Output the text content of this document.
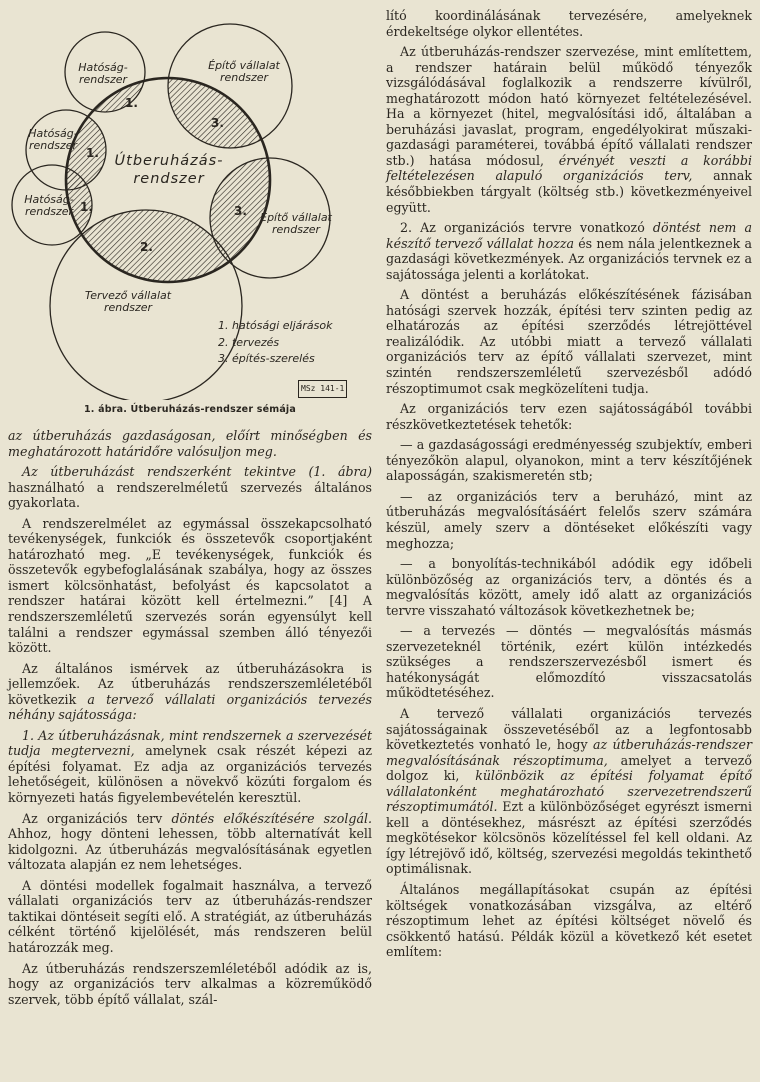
Hatóság-
rendszer
Hatóság-
rendszer
Hatóság-
rendszer
Építő vállalat
rendszer
Építő vállalat
rendszer
Tervező vállalat
rendszer
Útberuházás-
rendszer
1.
1.
1.
3.
3.
2.
1. hatósági eljárások
2. tervezés
3. építés-szerelés
MSz 141-1
1. ábra. Útberuházás-rendszer sémája

az útberuházás gazdaságosan, előírt minőségben és meghatározott határidőre valósuljon meg.

Az útberuházást rendszerként tekintve (1. ábra) használható a rendszerelméletű szervezés általános gyakorlata.

A rendszerelmélet az egymással összekapcsolható tevékenységek, funkciók és összetevők csoportjaként határozható meg. „E tevékenységek, funkciók és összetevők egybefoglalásának szabálya, hogy az összes ismert kölcsönhatást, befolyást és kapcsolatot a rendszer határai között kell értelmezni.” [4] A rendszerszemléletű szervezés során egyensúlyt kell találni a rendszer egymással szemben álló tényezői között.

Az általános ismérvek az útberuházásokra is jellemzőek. Az útberuházás rendszerszemléletéből következik a tervező vállalati organizációs tervezés néhány sajátossága:

1. Az útberuházásnak, mint rendszernek a szervezését tudja megtervezni, amelynek csak részét képezi az építési folyamat. Ez adja az organizációs tervezés lehetőségeit, különösen a növekvő közúti forgalom és környezeti hatás figyelembevételén keresztül.

Az organizációs terv döntés előkészítésére szolgál. Ahhoz, hogy dönteni lehessen, több alternatívát kell kidolgozni. Az útberuházás megvalósításának egyetlen változata alapján ez nem lehetséges.

A döntési modellek fogalmait használva, a tervező vállalati organizációs terv az útberuházás-rendszer taktikai döntéseit segíti elő. A stratégiát, az útberuházás célként történő kijelölését, más rendszeren belül határozzák meg.

Az útberuházás rendszerszemléletéből adódik az is, hogy az organizációs terv alkalmas a közreműködő szervek, több építő vállalat, szál-

lító koordinálásának tervezésére, amelyeknek érdekeltsége olykor ellentétes.

Az útberuházás-rendszer szervezése, mint említettem, a rendszer határain belül működő tényezők vizsgálódásával foglalkozik a rendszerre kívülről, meghatározott módon ható környezet feltételezésével. Ha a környezet (hitel, megvalósítási idő, általában a beruházási javaslat, program, engedélyokirat műszaki-gazdasági paraméterei, továbbá építő vállalati rendszer stb.) hatása módosul, érvényét veszti a korábbi feltételezésen alapuló organizációs terv, annak későbbiekben tárgyalt (költség stb.) következményeivel együtt.

2. Az organizációs tervre vonatkozó döntést nem a készítő tervező vállalat hozza és nem nála jelentkeznek a gazdasági következmények. Az organizációs tervnek ez a sajátossága jelenti a korlátokat.

A döntést a beruházás előkészítésének fázisában hatósági szervek hozzák, építési terv szinten pedig az elhatározás az építési szerződés létrejöttével realizálódik. Az utóbbi miatt a tervező vállalati organizációs terv az építő vállalati szervezet, mint szintén rendszerszemléletű szervezésből adódó részoptimumot csak megközelíteni tudja.

Az organizációs terv ezen sajátosságából további részkövetkeztetések tehetők:

— a gazdaságossági eredményesség szubjektív, emberi tényezőkön alapul, olyanokon, mint a terv készítőjének alaposságán, szakismeretén stb;

— az organizációs terv a beruházó, mint az útberuházás megvalósításáért felelős szerv számára készül, amely szerv a döntéseket előkészíti vagy meghozza;

— a bonyolítás-technikából adódik egy időbeli különbözőség az organizációs terv, a döntés és a megvalósítás között, amely idő alatt az organizációs tervre visszaható változások következhetnek be;

— a tervezés — döntés — megvalósítás másmás szervezeteknél történik, ezért külön intézkedés szükséges a rendszerszervezésből ismert és hatékonyságát előmozdító visszacsatolás működtetéséhez.

A tervező vállalati organizációs tervezés sajátosságainak összevetéséből az a legfontosabb következtetés vonható le, hogy az útberuházás-rendszer megvalósításának részoptimuma, amelyet a tervező dolgoz ki, különbözik az építési folyamat építő vállalatonként meghatározható szervezetrendszerű részoptimumától. Ezt a különbözőséget egyrészt ismerni kell a döntésekhez, másrészt az építési szerződés megkötésekor kölcsönös közelítéssel fel kell oldani. Az így létrejövő idő, költség, szervezési megoldás tekinthető optimálisnak.

Általános megállapításokat csupán az építési költségek vonatkozásában vizsgálva, az eltérő részoptimum lehet az építési költséget növelő és csökkentő hatású. Példák közül a következő két esetet említem:
